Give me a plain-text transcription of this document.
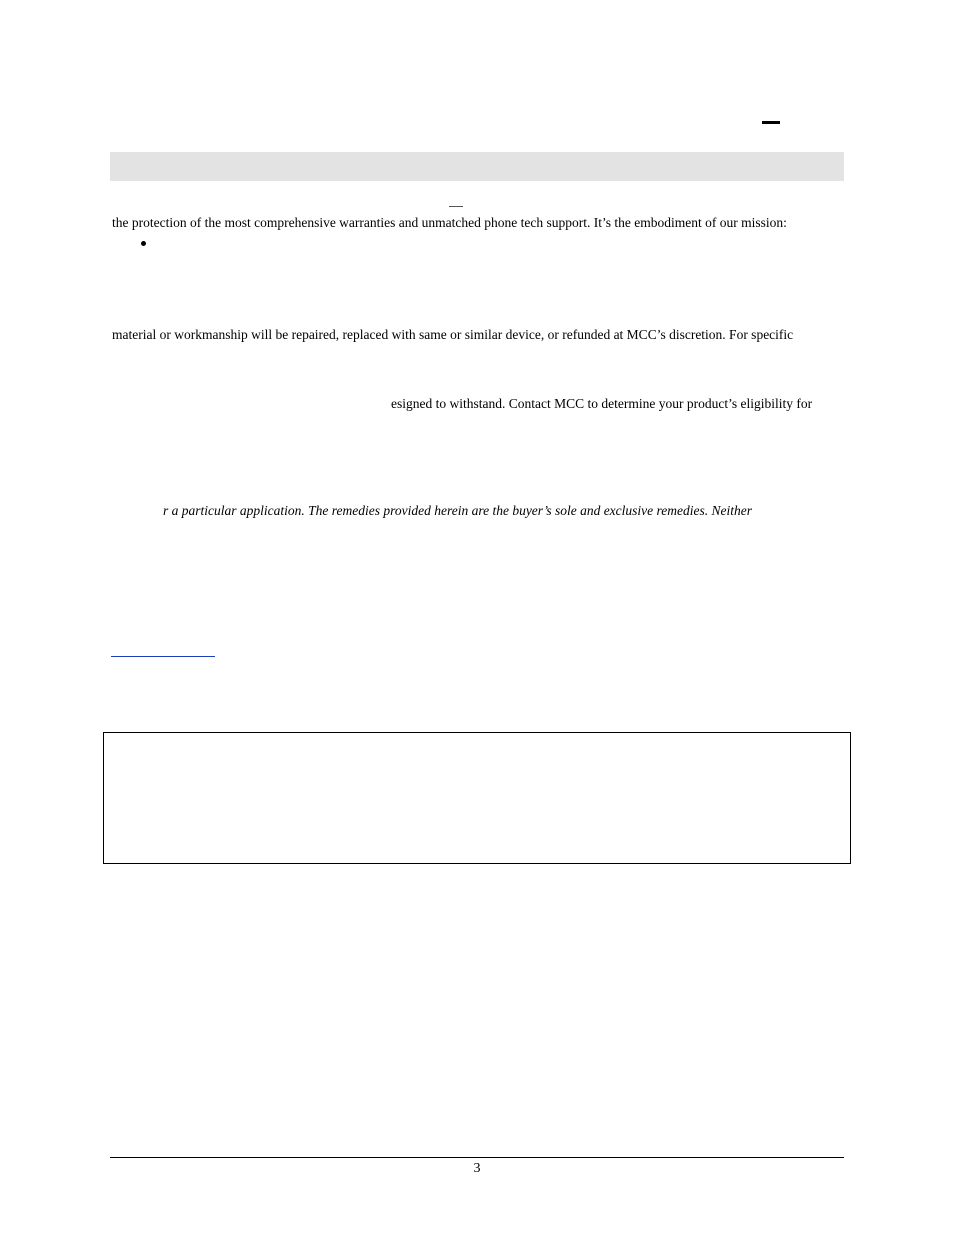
the protection of the most comprehensive warranties and unmatched phone tech support. It’s the embodiment of our mission:
material or workmanship will be repaired, replaced with same or similar device, or refunded at MCC’s discretion. For specific
esigned to withstand. Contact MCC to determine your product’s eligibility for
r a particular application. The remedies provided herein are the buyer’s sole and exclusive remedies. Neither
3
